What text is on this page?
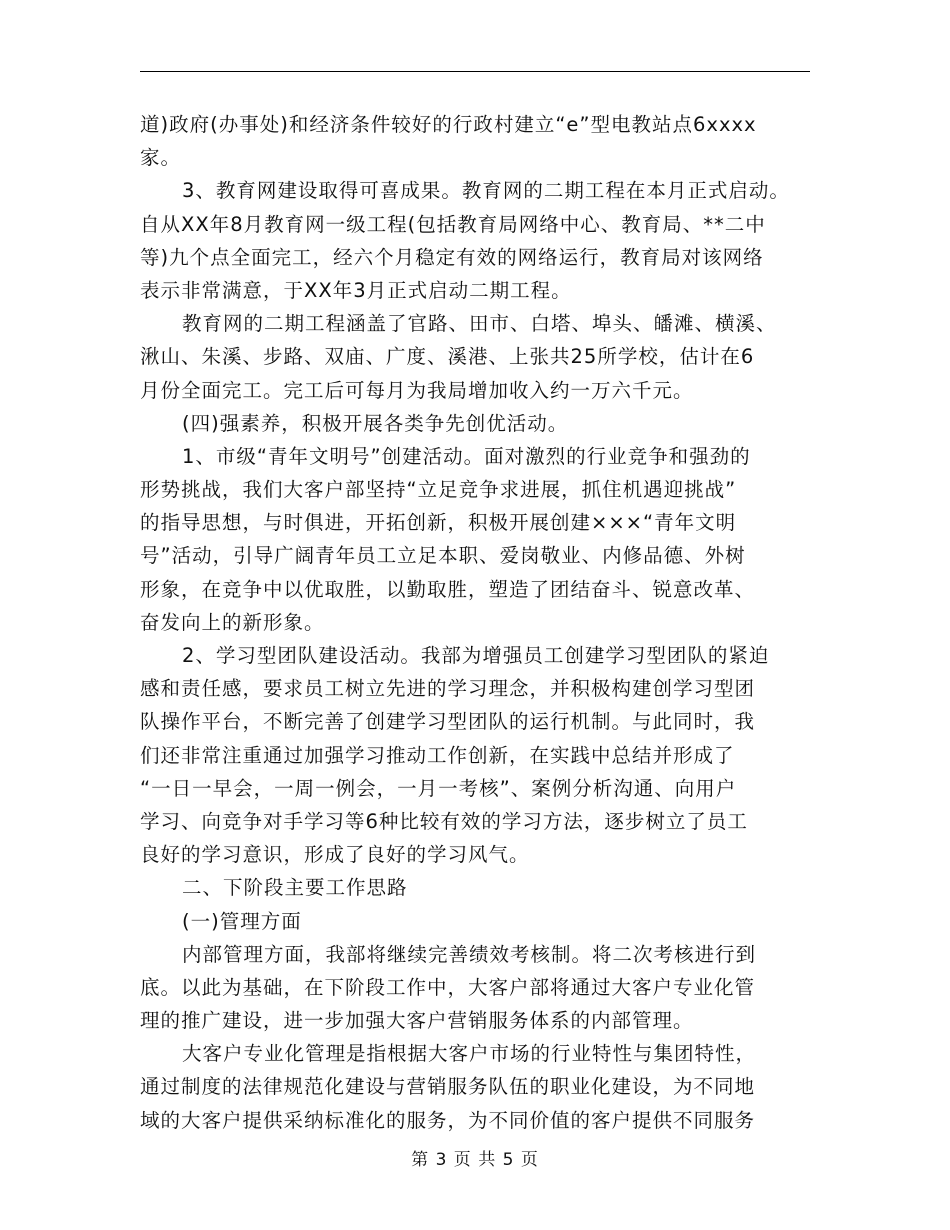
道)政府(办事处)和经济条件较好的行政村建立“e”型电教站点6xxxx
家。
3、教育网建设取得可喜成果。教育网的二期工程在本月正式启动。
自从XX年8月教育网一级工程(包括教育局网络中心、教育局、**二中
等)九个点全面完工，经六个月稳定有效的网络运行，教育局对该网络
表示非常满意，于XX年3月正式启动二期工程。
教育网的二期工程涵盖了官路、田市、白塔、埠头、皤滩、横溪、
湫山、朱溪、步路、双庙、广度、溪港、上张共25所学校，估计在6
月份全面完工。完工后可每月为我局增加收入约一万六千元。
(四)强素养，积极开展各类争先创优活动。
1、市级“青年文明号”创建活动。面对激烈的行业竞争和强劲的
形势挑战，我们大客户部坚持“立足竞争求进展，抓住机遇迎挑战”
的指导思想，与时俱进，开拓创新，积极开展创建×××“青年文明
号”活动，引导广阔青年员工立足本职、爱岗敬业、内修品德、外树
形象，在竞争中以优取胜，以勤取胜，塑造了团结奋斗、锐意改革、
奋发向上的新形象。
2、学习型团队建设活动。我部为增强员工创建学习型团队的紧迫
感和责任感，要求员工树立先进的学习理念，并积极构建创学习型团
队操作平台，不断完善了创建学习型团队的运行机制。与此同时，我
们还非常注重通过加强学习推动工作创新，在实践中总结并形成了
“一日一早会，一周一例会，一月一考核”、案例分析沟通、向用户
学习、向竞争对手学习等6种比较有效的学习方法，逐步树立了员工
良好的学习意识，形成了良好的学习风气。
二、下阶段主要工作思路
(一)管理方面
内部管理方面，我部将继续完善绩效考核制。将二次考核进行到
底。以此为基础，在下阶段工作中，大客户部将通过大客户专业化管
理的推广建设，进一步加强大客户营销服务体系的内部管理。
大客户专业化管理是指根据大客户市场的行业特性与集团特性，
通过制度的法律规范化建设与营销服务队伍的职业化建设，为不同地
域的大客户提供采纳标准化的服务，为不同价值的客户提供不同服务
第 3 页 共 5 页
